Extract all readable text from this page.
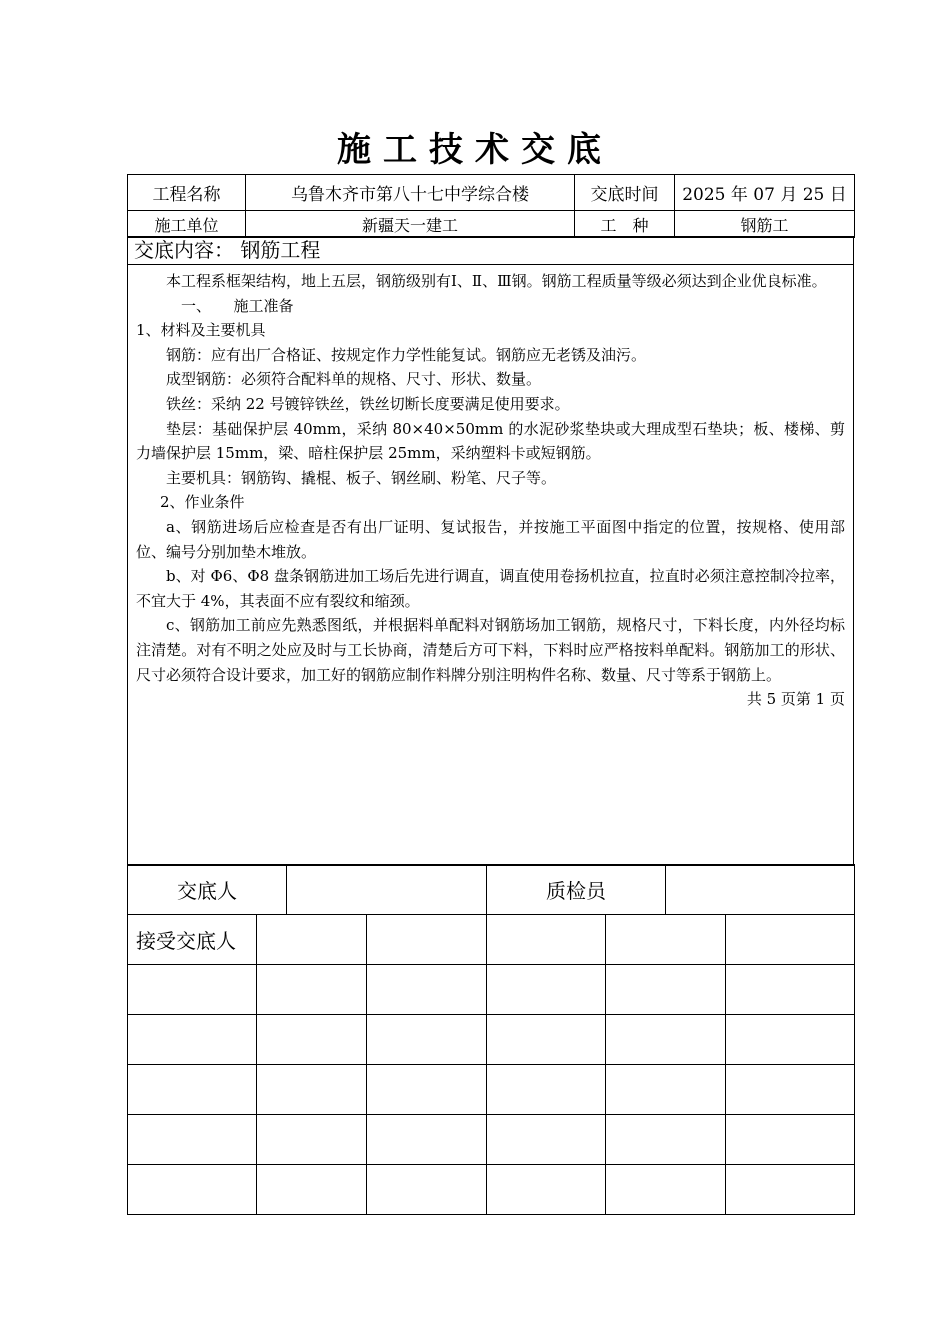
施工技术交底
工程名称	乌鲁木齐市第八十七中学综合楼	交底时间	2025 年 07 月 25 日
施工单位	新疆天一建工	工　种	钢筋工
交底内容： 钢筋工程

本工程系框架结构，地上五层，钢筋级别有Ⅰ、Ⅱ、Ⅲ钢。钢筋工程质量等级必须达到企业优良标准。

一、　　施工准备

1、材料及主要机具

钢筋：应有出厂合格证、按规定作力学性能复试。钢筋应无老锈及油污。

成型钢筋：必须符合配料单的规格、尺寸、形状、数量。

铁丝：采纳 22 号镀锌铁丝，铁丝切断长度要满足使用要求。

垫层：基础保护层 40mm，采纳 80×40×50mm 的水泥砂浆垫块或大理成型石垫块；板、楼梯、剪力墙保护层 15mm，梁、暗柱保护层 25mm，采纳塑料卡或短钢筋。

主要机具：钢筋钩、撬棍、板子、钢丝刷、粉笔、尺子等。

2、作业条件

a、钢筋进场后应检查是否有出厂证明、复试报告，并按施工平面图中指定的位置，按规格、使用部位、编号分别加垫木堆放。

b、对 Φ6、Φ8 盘条钢筋进加工场后先进行调直，调直使用卷扬机拉直，拉直时必须注意控制冷拉率，不宜大于 4%，其表面不应有裂纹和缩颈。

c、钢筋加工前应先熟悉图纸，并根据料单配料对钢筋场加工钢筋，规格尺寸，下料长度，内外径均标注清楚。对有不明之处应及时与工长协商，清楚后方可下料，下料时应严格按料单配料。钢筋加工的形状、尺寸必须符合设计要求，加工好的钢筋应制作料牌分别注明构件名称、数量、尺寸等系于钢筋上。

共 5 页第 1 页

交底人		质检员	
接受交底人					
